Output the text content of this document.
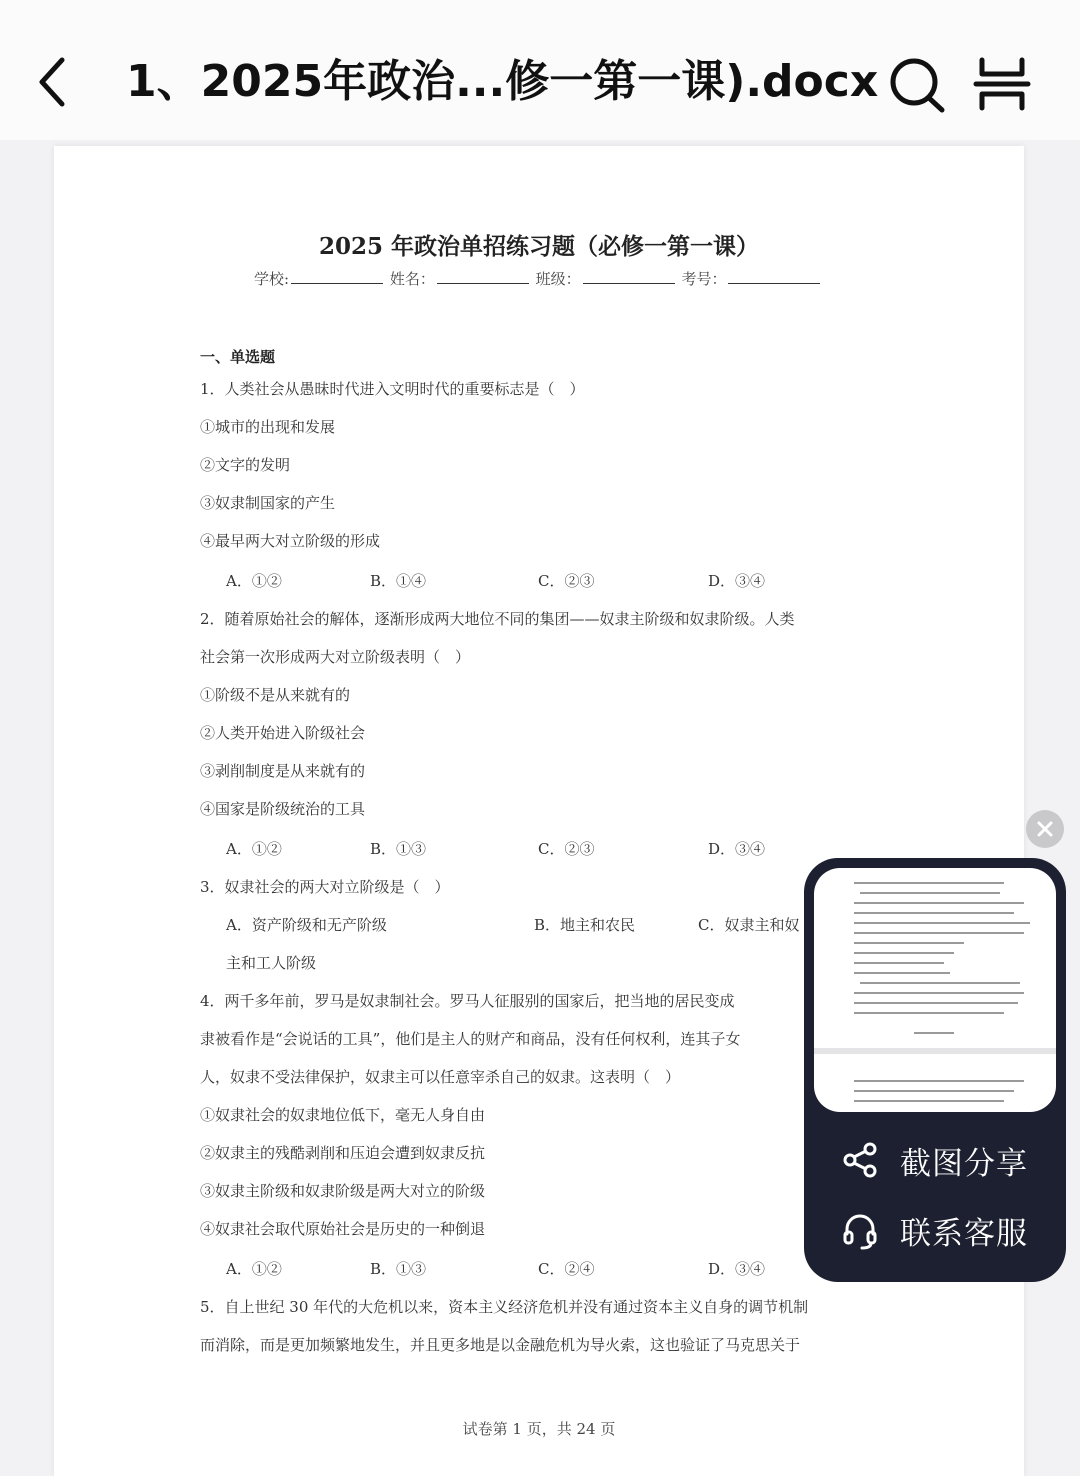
1、2025年政治...修一第一课).docx
2025 年政治单招练习题（必修一第一课）
学校:	姓名：	班级：	考号：
一、单选题
1．人类社会从愚昧时代进入文明时代的重要标志是（　）
①城市的出现和发展
②文字的发明
③奴隶制国家的产生
④最早两大对立阶级的形成
A．①②	B．①④	C．②③	D．③④
2．随着原始社会的解体，逐渐形成两大地位不同的集团——奴隶主阶级和奴隶阶级。人类
社会第一次形成两大对立阶级表明（　）
①阶级不是从来就有的
②人类开始进入阶级社会
③剥削制度是从来就有的
④国家是阶级统治的工具
A．①②	B．①③	C．②③	D．③④
3．奴隶社会的两大对立阶级是（　）
A．资产阶级和无产阶级	B．地主和农民	C．奴隶主和奴
主和工人阶级
4．两千多年前，罗马是奴隶制社会。罗马人征服别的国家后，把当地的居民变成
隶被看作是“会说话的工具”，他们是主人的财产和商品，没有任何权利，连其子女
人，奴隶不受法律保护，奴隶主可以任意宰杀自己的奴隶。这表明（　）
①奴隶社会的奴隶地位低下，毫无人身自由
②奴隶主的残酷剥削和压迫会遭到奴隶反抗
③奴隶主阶级和奴隶阶级是两大对立的阶级
④奴隶社会取代原始社会是历史的一种倒退
A．①②	B．①③	C．②④	D．③④
5．自上世纪 30 年代的大危机以来，资本主义经济危机并没有通过资本主义自身的调节机制
而消除，而是更加频繁地发生，并且更多地是以金融危机为导火索，这也验证了马克思关于
试卷第 1 页，共 24 页
截图分享
联系客服
